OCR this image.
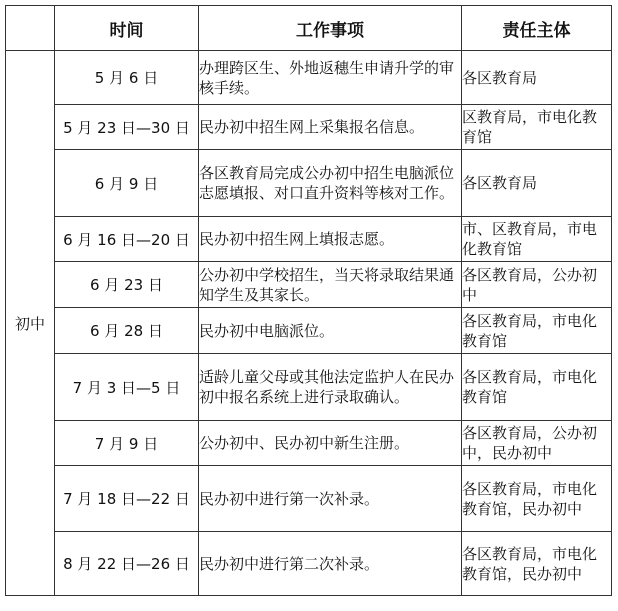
	时间	工作事项	责任主体
初中	5 月 6 日	办理跨区生、外地返穗生申请升学的审核手续。	各区教育局
	5 月 23 日—30 日	民办初中招生网上采集报名信息。	区教育局，市电化教育馆
	6 月 9 日	各区教育局完成公办初中招生电脑派位志愿填报、对口直升资料等核对工作。	各区教育局
	6 月 16 日—20 日	民办初中招生网上填报志愿。	市、区教育局，市电化教育馆
	6 月 23 日	公办初中学校招生，当天将录取结果通知学生及其家长。	各区教育局，公办初中
	6 月 28 日	民办初中电脑派位。	各区教育局，市电化教育馆
	7 月 3 日—5 日	适龄儿童父母或其他法定监护人在民办初中报名系统上进行录取确认。	各区教育局，市电化教育馆
	7 月 9 日	公办初中、民办初中新生注册。	各区教育局，公办初中，民办初中
	7 月 18 日—22 日	民办初中进行第一次补录。	各区教育局，市电化教育馆，民办初中
	8 月 22 日—26 日	民办初中进行第二次补录。	各区教育局，市电化教育馆，民办初中
